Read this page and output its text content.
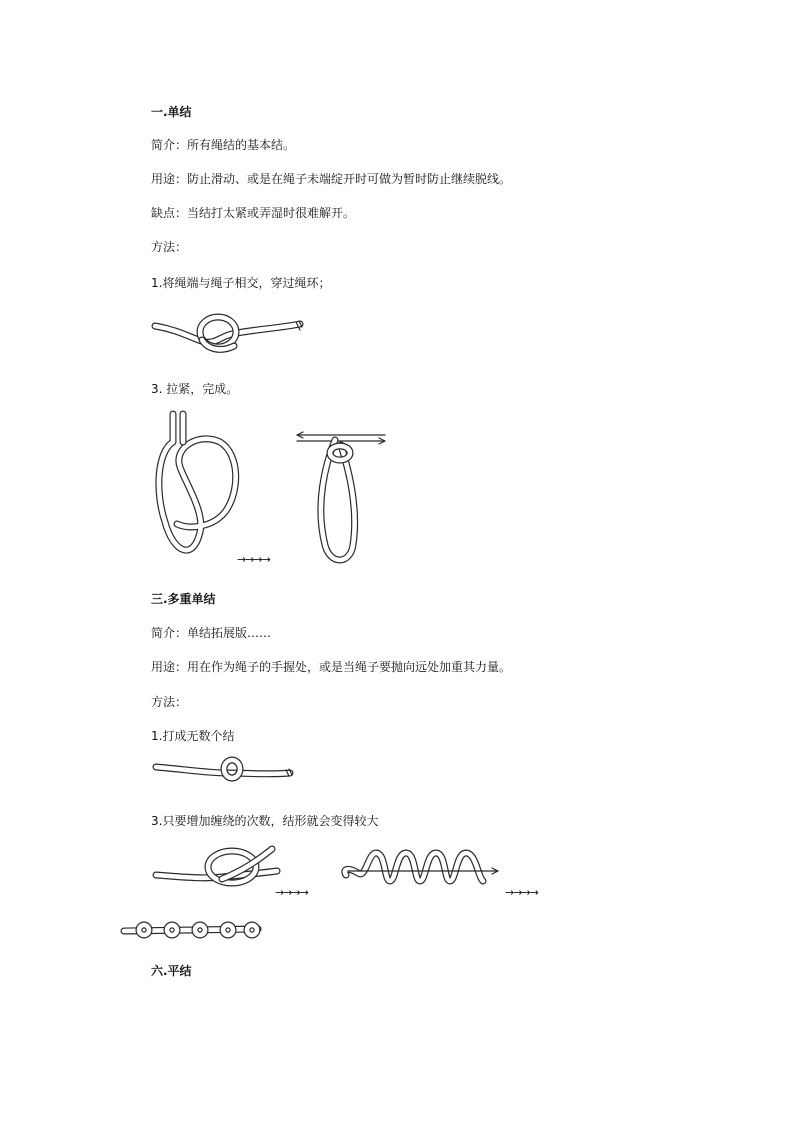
一.单结
简介：所有绳结的基本结。
用途：防止滑动、或是在绳子未端绽开时可做为暂时防止继续脱线。
缺点：当结打太紧或弄湿时很难解开。
方法：
1.将绳端与绳子相交，穿过绳环；
3. 拉紧，完成。
→→→→
三.多重单结
简介：单结拓展版……
用途：用在作为绳子的手握处，或是当绳子要抛向远处加重其力量。
方法：
1.打成无数个结
3.只要增加缠绕的次数，结形就会变得较大
→→→→	→→→→
六.平结
